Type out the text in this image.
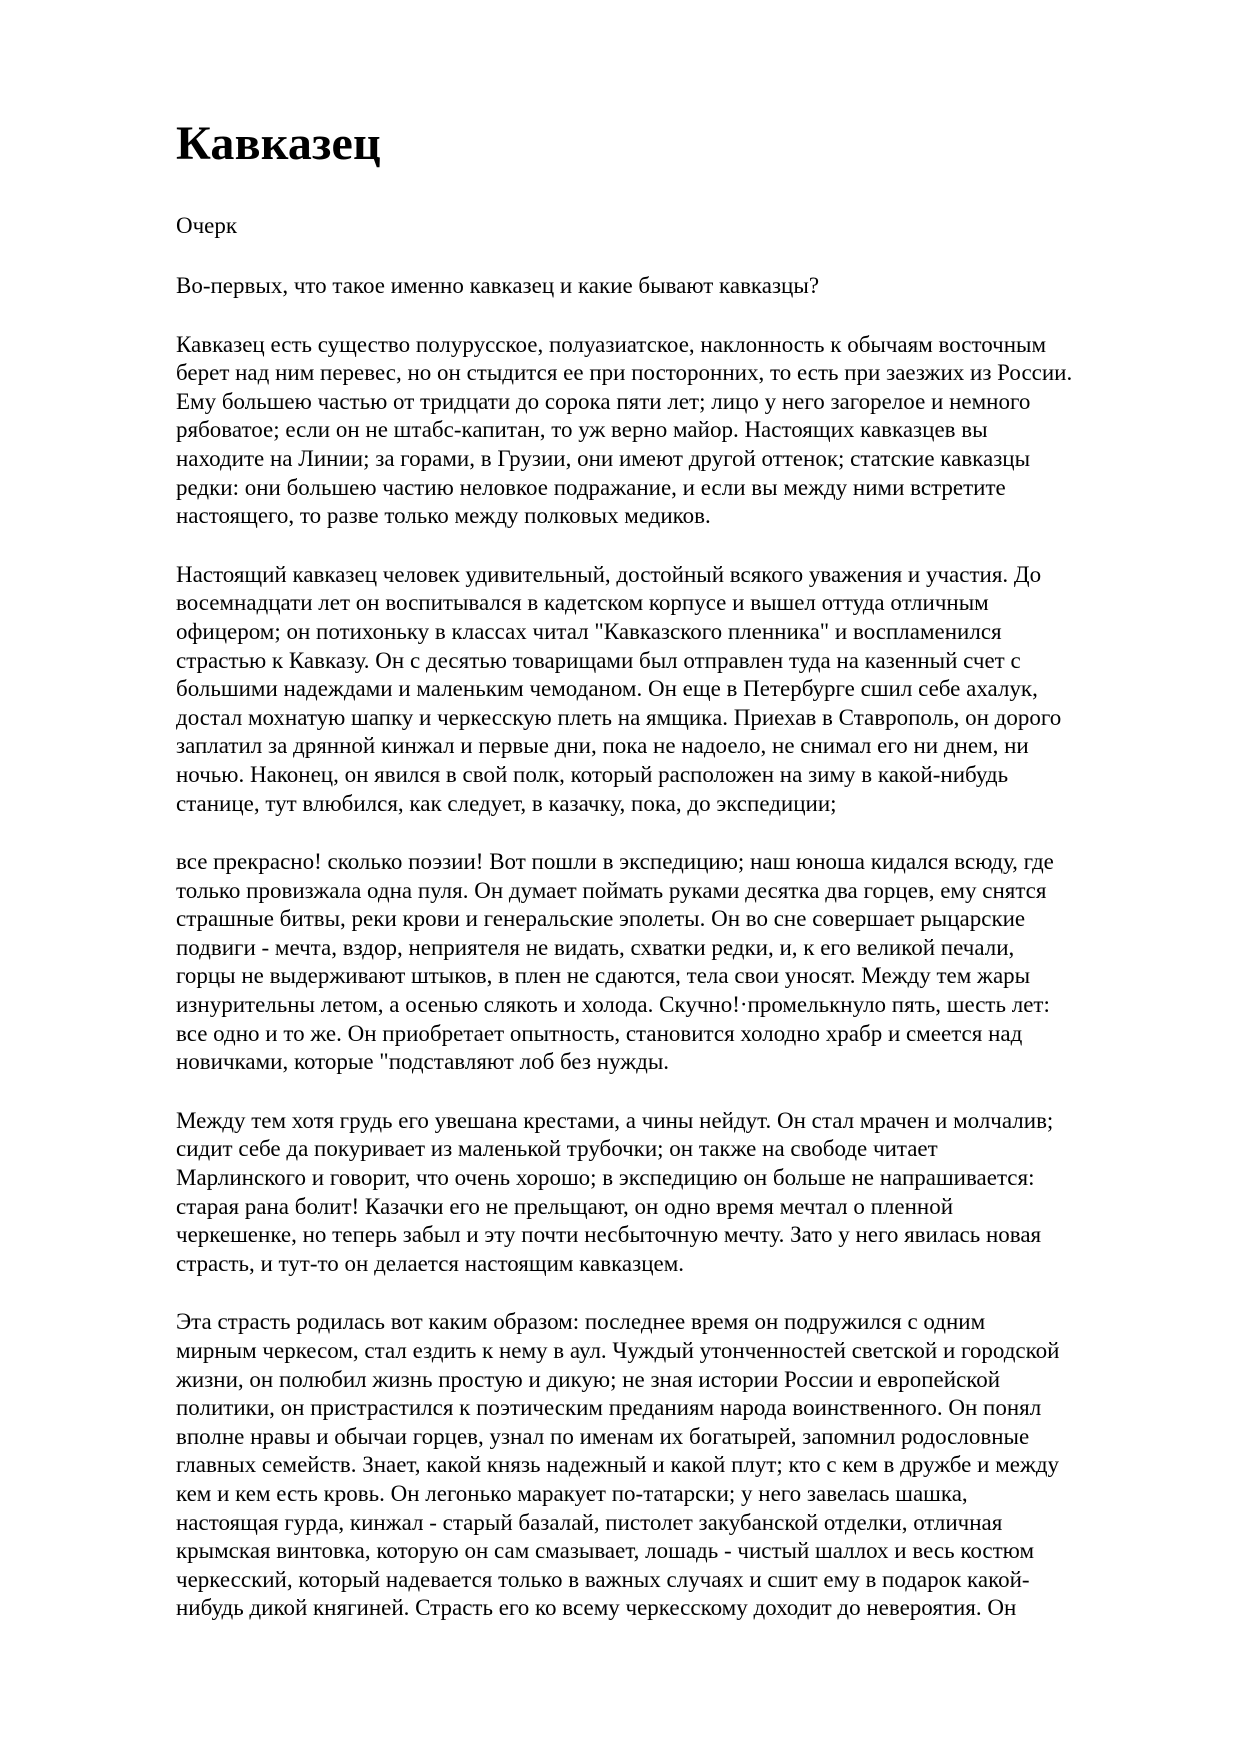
Кавказец

Очерк

Во-первых, что такое именно кавказец и какие бывают кавказцы?

Кавказец есть существо полурусское, полуазиатское, наклонность к обычаям восточным
берет над ним перевес, но он стыдится ее при посторонних, то есть при заезжих из России.
Ему большею частью от тридцати до сорока пяти лет; лицо у него загорелое и немного
рябоватое; если он не штабс-капитан, то уж верно майор. Настоящих кавказцев вы
находите на Линии; за горами, в Грузии, они имеют другой оттенок; статские кавказцы
редки: они большею частию неловкое подражание, и если вы между ними встретите
настоящего, то разве только между полковых медиков.

Настоящий кавказец человек удивительный, достойный всякого уважения и участия. До
восемнадцати лет он воспитывался в кадетском корпусе и вышел оттуда отличным
офицером; он потихоньку в классах читал "Кавказского пленника" и воспламенился
страстью к Кавказу. Он с десятью товарищами был отправлен туда на казенный счет с
большими надеждами и маленьким чемоданом. Он еще в Петербурге сшил себе ахалук,
достал мохнатую шапку и черкесскую плеть на ямщика. Приехав в Ставрополь, он дорого
заплатил за дрянной кинжал и первые дни, пока не надоело, не снимал его ни днем, ни
ночью. Наконец, он явился в свой полк, который расположен на зиму в какой-нибудь
станице, тут влюбился, как следует, в казачку, пока, до экспедиции;

все прекрасно! сколько поэзии! Вот пошли в экспедицию; наш юноша кидался всюду, где
только провизжала одна пуля. Он думает поймать руками десятка два горцев, ему снятся
страшные битвы, реки крови и генеральские эполеты. Он во сне совершает рыцарские
подвиги - мечта, вздор, неприятеля не видать, схватки редки, и, к его великой печали,
горцы не выдерживают штыков, в плен не сдаются, тела свои уносят. Между тем жары
изнурительны летом, а осенью слякоть и холода. Скучно!·промелькнуло пять, шесть лет:
все одно и то же. Он приобретает опытность, становится холодно храбр и смеется над
новичками, которые "подставляют лоб без нужды.

Между тем хотя грудь его увешана крестами, а чины нейдут. Он стал мрачен и молчалив;
сидит себе да покуривает из маленькой трубочки; он также на свободе читает
Марлинского и говорит, что очень хорошо; в экспедицию он больше не напрашивается:
старая рана болит! Казачки его не прельщают, он одно время мечтал о пленной
черкешенке, но теперь забыл и эту почти несбыточную мечту. Зато у него явилась новая
страсть, и тут-то он делается настоящим кавказцем.

Эта страсть родилась вот каким образом: последнее время он подружился с одним
мирным черкесом, стал ездить к нему в аул. Чуждый утонченностей светской и городской
жизни, он полюбил жизнь простую и дикую; не зная истории России и европейской
политики, он пристрастился к поэтическим преданиям народа воинственного. Он понял
вполне нравы и обычаи горцев, узнал по именам их богатырей, запомнил родословные
главных семейств. Знает, какой князь надежный и какой плут; кто с кем в дружбе и между
кем и кем есть кровь. Он легонько маракует по-татарски; у него завелась шашка,
настоящая гурда, кинжал - старый базалай, пистолет закубанской отделки, отличная
крымская винтовка, которую он сам смазывает, лошадь - чистый шаллох и весь костюм
черкесский, который надевается только в важных случаях и сшит ему в подарок какой-
нибудь дикой княгиней. Страсть его ко всему черкесскому доходит до невероятия. Он
